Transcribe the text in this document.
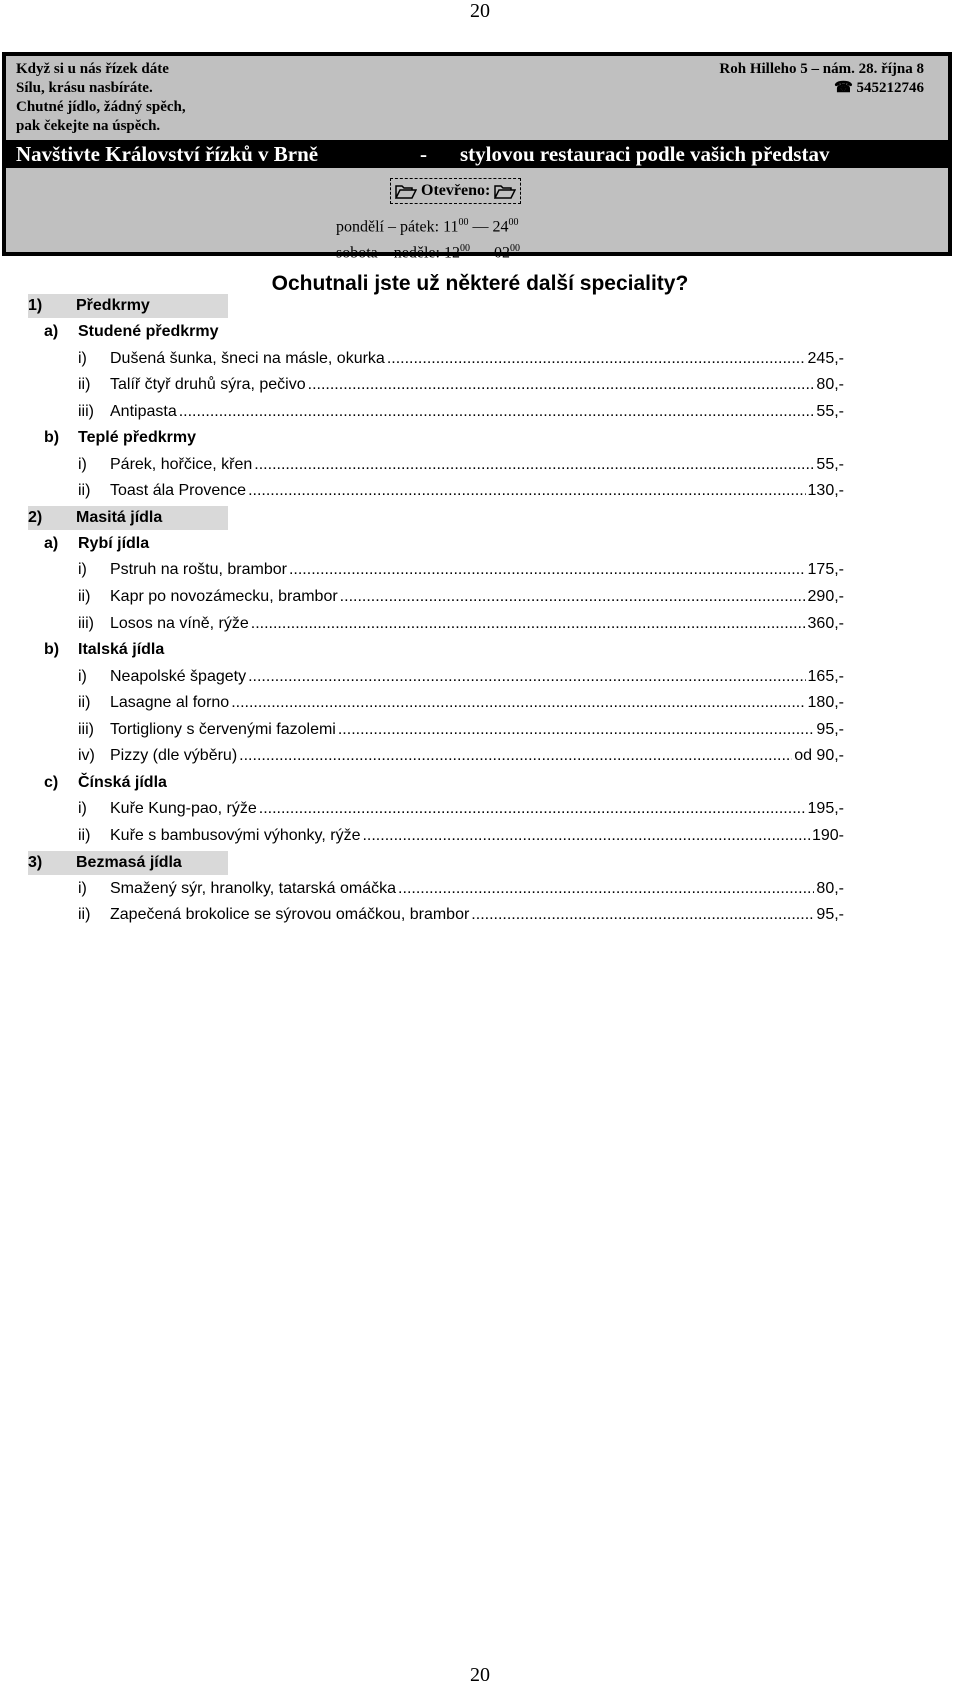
20
Když si u nás řízek dáte
Sílu, krásu nasbíráte.
Chutné jídlo, žádný spěch,
pak čekejte na úspěch.
Roh Hilleho 5 – nám. 28. října 8
☎ 545212746
Navštivte Království řízků v Brně	- stylovou restauraci podle vašich představ
Otevřeno:
pondělí – pátek: $11^{00}$ — $24^{00}$
sobota – neděle: $12^{00}$ — $02^{00}$
Ochutnali jste už některé další speciality?
1) Předkrmy
a) Studené předkrmy
i)	Dušená šunka, šneci na másle, okurka .....	245,-
ii)	Talíř čtyř druhů sýra, pečivo .....	80,-
iii)	Antipasta .....	55,-
b) Teplé předkrmy
i)	Párek, hořčice, křen .....	55,-
ii)	Toast ála Provence .....	130,-
2) Masitá jídla
a) Rybí jídla
i)	Pstruh na roštu, brambor .....	175,-
ii)	Kapr po novozámecku, brambor .....	290,-
iii)	Losos na víně, rýže .....	360,-
b) Italská jídla
i)	Neapolské špagety .....	165,-
ii)	Lasagne al forno .....	180,-
iii)	Tortigliony s červenými fazolemi .....	95,-
iv) Pizzy (dle výběru) .....	od 90,-
c) Čínská jídla
i)	Kuře Kung-pao, rýže .....	195,-
ii)	Kuře s bambusovými výhonky, rýže .....	190-
3) Bezmasá jídla
i)	Smažený sýr, hranolky, tatarská omáčka .....	80,-
ii)	Zapečená brokolice se sýrovou omáčkou, brambor .....	95,-
20
